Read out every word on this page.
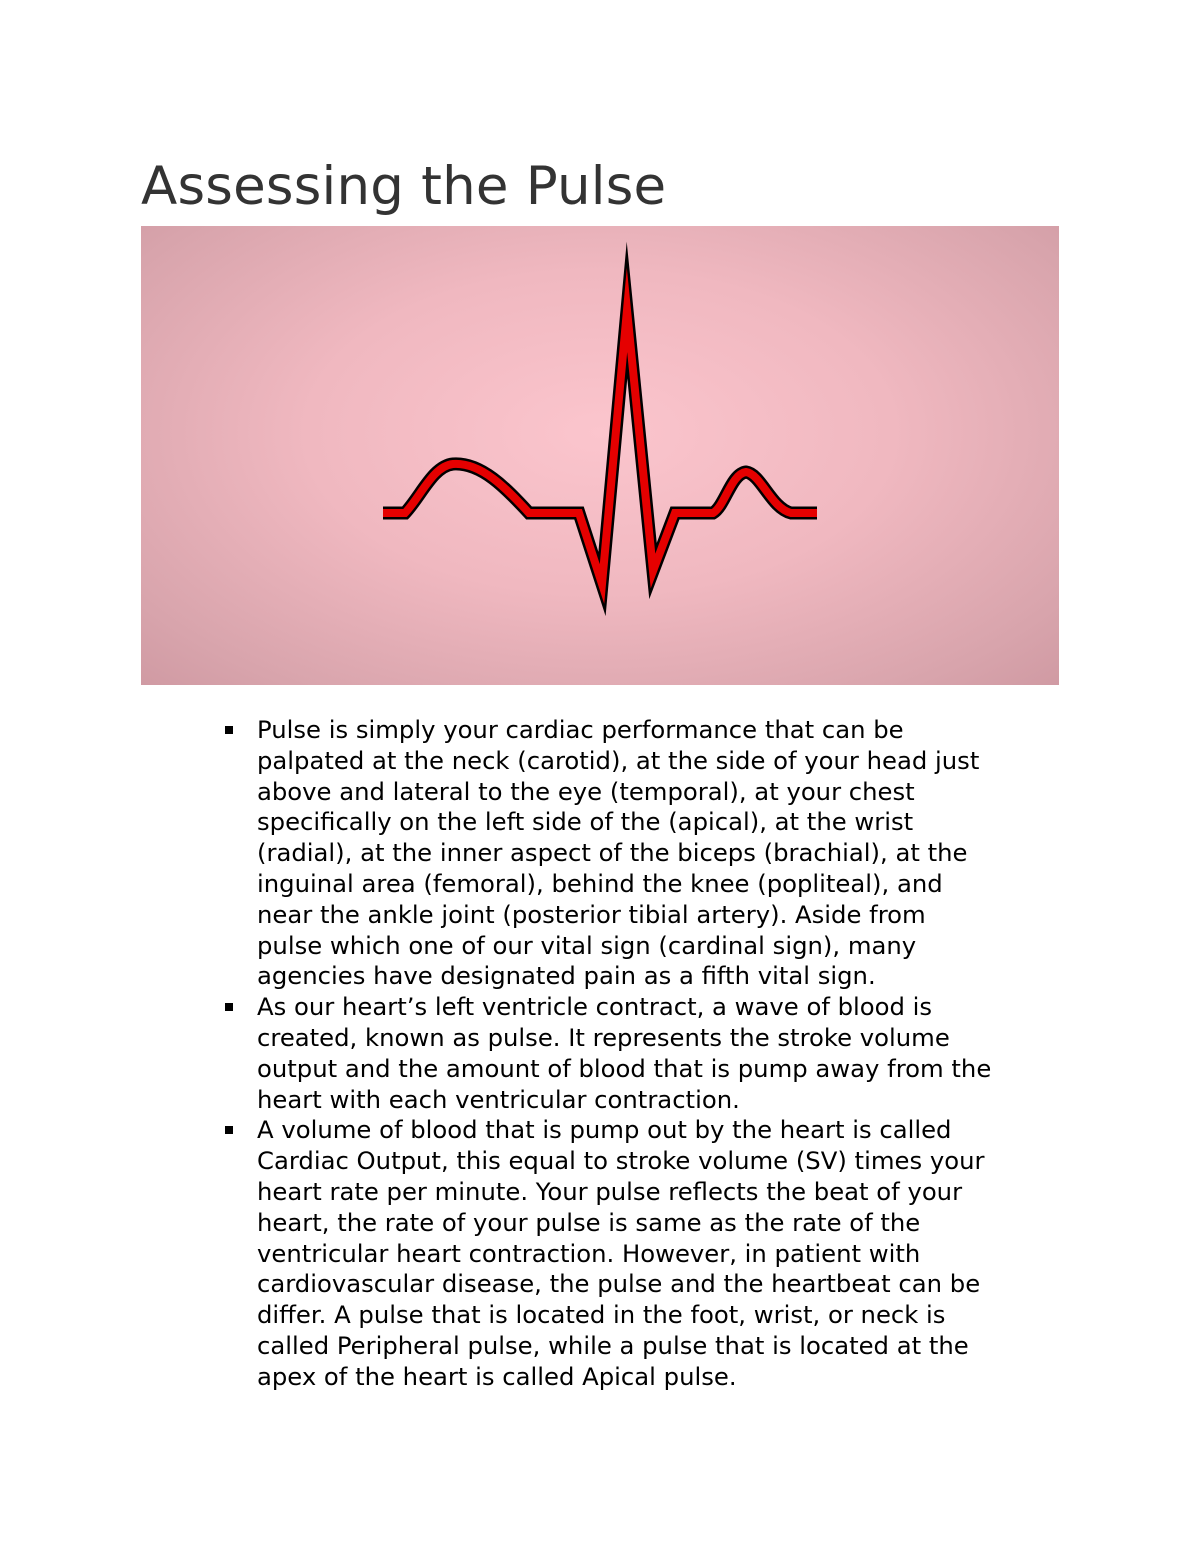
Assessing the Pulse
Pulse is simply your cardiac performance that can be
palpated at the neck (carotid), at the side of your head just
above and lateral to the eye (temporal), at your chest
specifically on the left side of the (apical), at the wrist
(radial), at the inner aspect of the biceps (brachial), at the
inguinal area (femoral), behind the knee (popliteal), and
near the ankle joint (posterior tibial artery). Aside from
pulse which one of our vital sign (cardinal sign), many
agencies have designated pain as a fifth vital sign.
As our heart’s left ventricle contract, a wave of blood is
created, known as pulse. It represents the stroke volume
output and the amount of blood that is pump away from the
heart with each ventricular contraction.
A volume of blood that is pump out by the heart is called
Cardiac Output, this equal to stroke volume (SV) times your
heart rate per minute. Your pulse reflects the beat of your
heart, the rate of your pulse is same as the rate of the
ventricular heart contraction. However, in patient with
cardiovascular disease, the pulse and the heartbeat can be
differ. A pulse that is located in the foot, wrist, or neck is
called Peripheral pulse, while a pulse that is located at the
apex of the heart is called Apical pulse.
